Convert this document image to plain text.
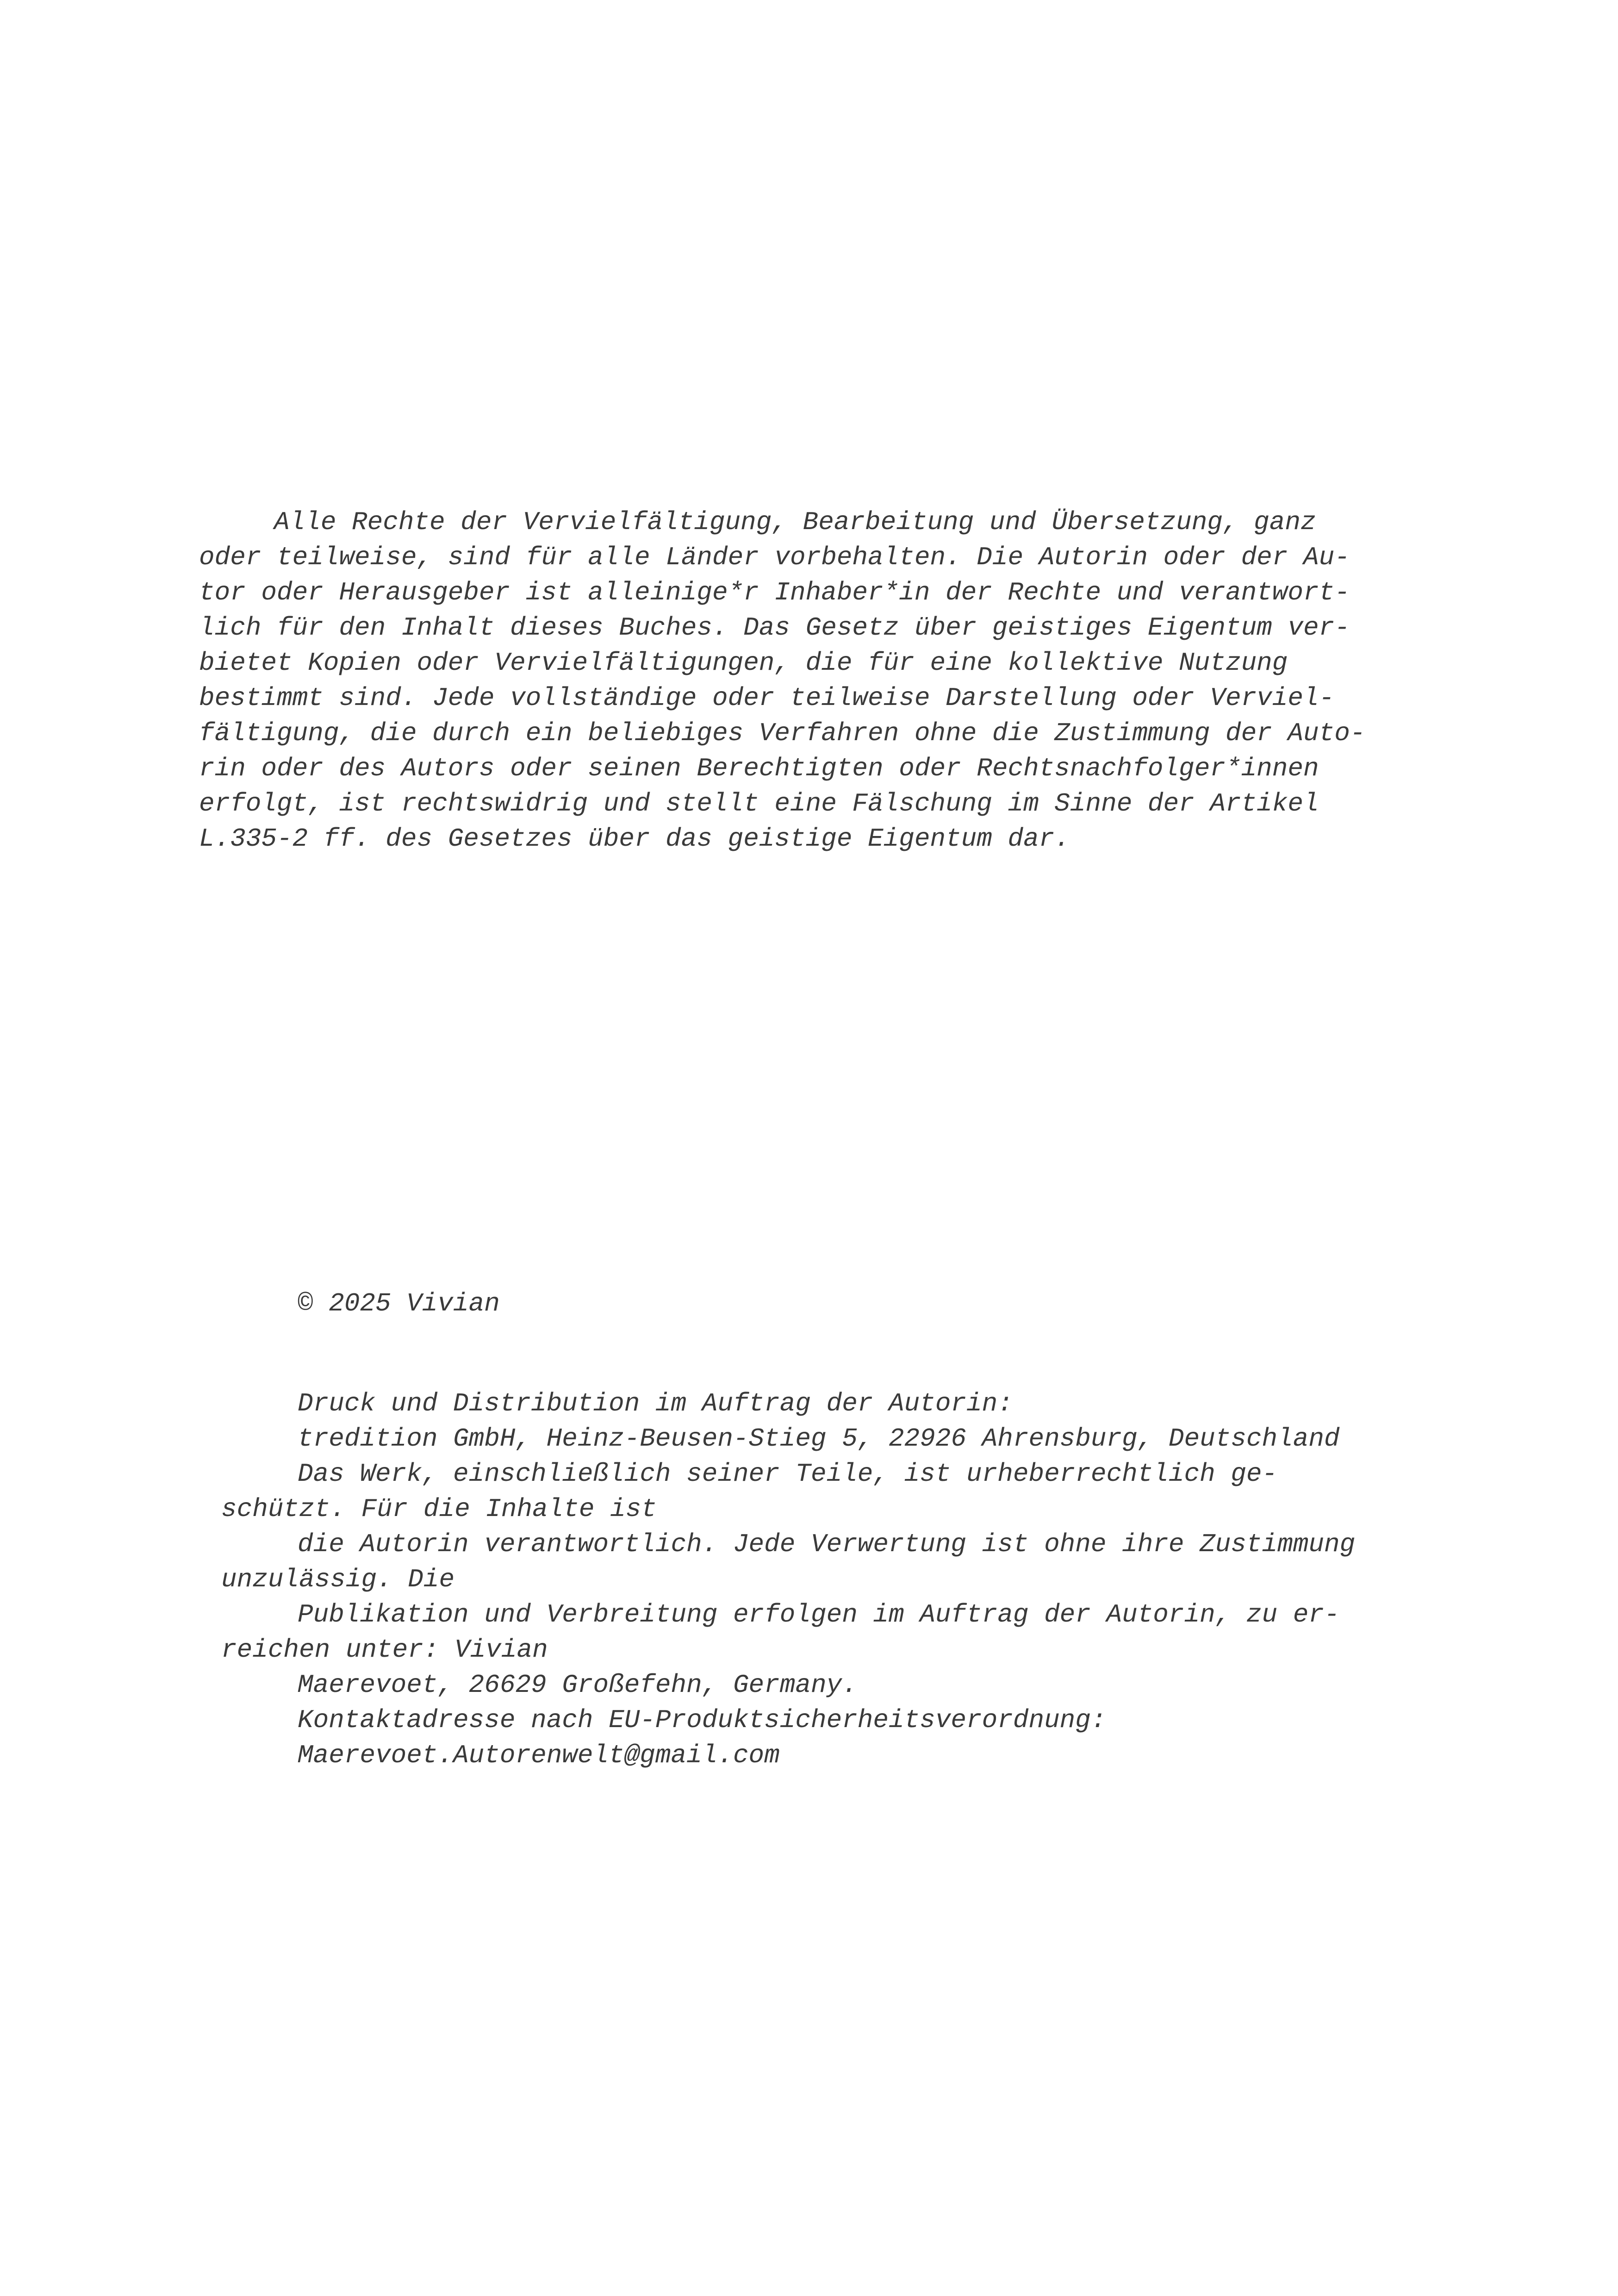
Alle Rechte der Vervielfältigung, Bearbeitung und Übersetzung, ganz
oder teilweise, sind für alle Länder vorbehalten. Die Autorin oder der Au-
tor oder Herausgeber ist alleinige*r Inhaber*in der Rechte und verantwort-
lich für den Inhalt dieses Buches. Das Gesetz über geistiges Eigentum ver-
bietet Kopien oder Vervielfältigungen, die für eine kollektive Nutzung
bestimmt sind. Jede vollständige oder teilweise Darstellung oder Verviel-
fältigung, die durch ein beliebiges Verfahren ohne die Zustimmung der Auto-
rin oder des Autors oder seinen Berechtigten oder Rechtsnachfolger*innen
erfolgt, ist rechtswidrig und stellt eine Fälschung im Sinne der Artikel
L.335-2 ff. des Gesetzes über das geistige Eigentum dar.
© 2025 Vivian
Druck und Distribution im Auftrag der Autorin:
tredition GmbH, Heinz-Beusen-Stieg 5, 22926 Ahrensburg, Deutschland
Das Werk, einschließlich seiner Teile, ist urheberrechtlich ge-
schützt. Für die Inhalte ist
die Autorin verantwortlich. Jede Verwertung ist ohne ihre Zustimmung
unzulässig. Die
Publikation und Verbreitung erfolgen im Auftrag der Autorin, zu er-
reichen unter: Vivian
Maerevoet, 26629 Großefehn, Germany.
Kontaktadresse nach EU-Produktsicherheitsverordnung:
Maerevoet.Autorenwelt@gmail.com
